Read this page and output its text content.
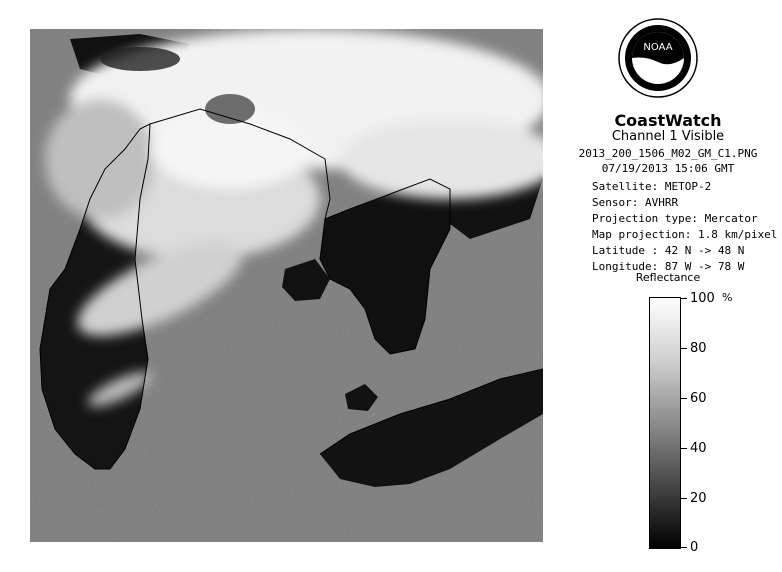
NOAA
CoastWatch
Channel 1 Visible
2013_200_1506_M02_GM_C1.PNG
07/19/2013 15:06 GMT
Satellite: METOP-2
Sensor: AVHRR
Projection type: Mercator
Map projection: 1.8 km/pixel
Latitude : 42 N -> 48 N
Longitude: 87 W -> 78 W
Reflectance
%
100
80
60
40
20
0
